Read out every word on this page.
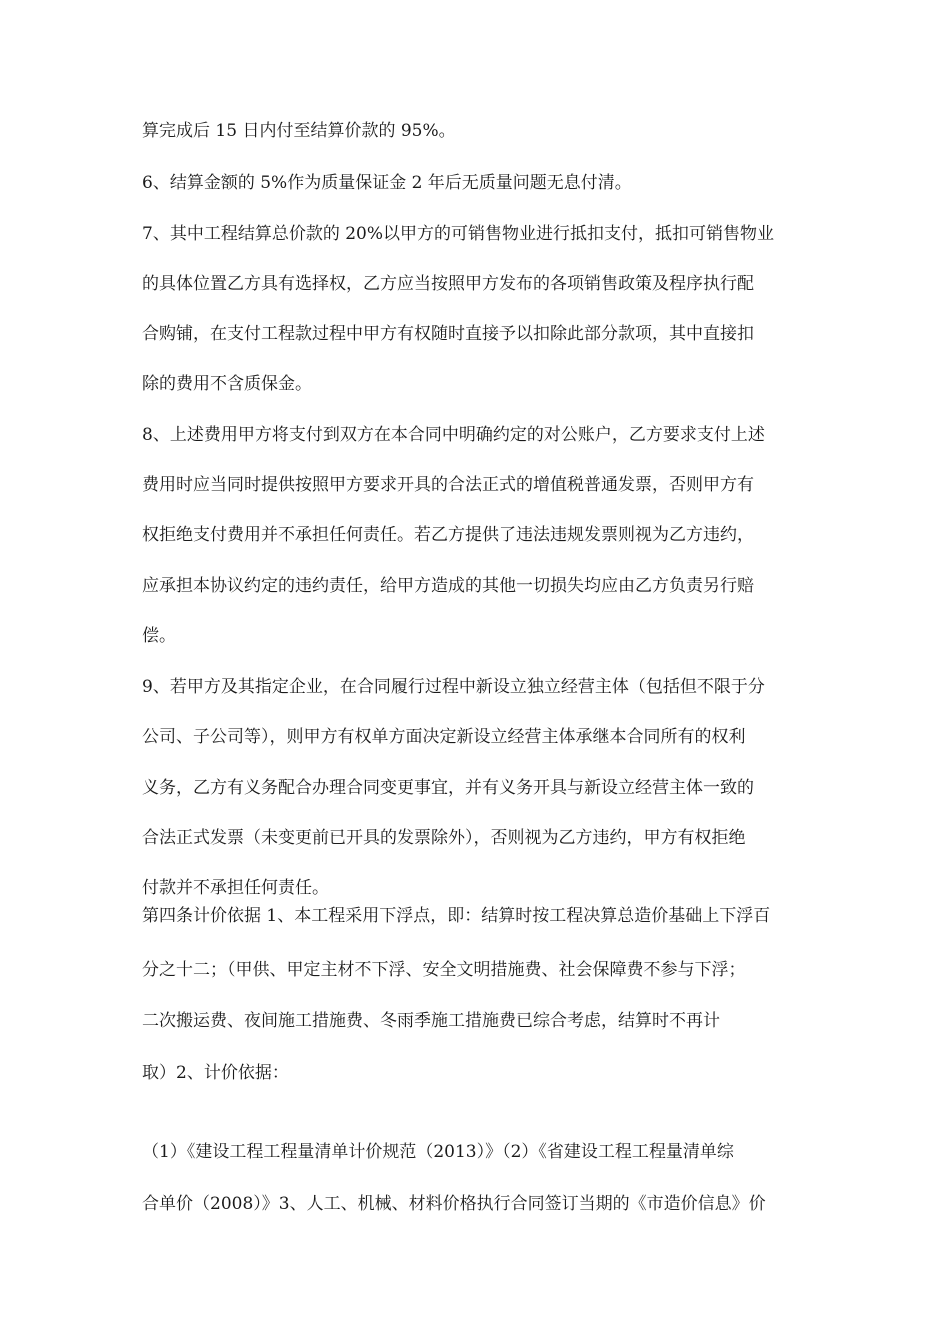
算完成后 15 日内付至结算价款的 95%。
6、结算金额的 5%作为质量保证金 2 年后无质量问题无息付清。
7、其中工程结算总价款的 20%以甲方的可销售物业进行抵扣支付，抵扣可销售物业
的具体位置乙方具有选择权，乙方应当按照甲方发布的各项销售政策及程序执行配
合购铺，在支付工程款过程中甲方有权随时直接予以扣除此部分款项，其中直接扣
除的费用不含质保金。
8、上述费用甲方将支付到双方在本合同中明确约定的对公账户，乙方要求支付上述
费用时应当同时提供按照甲方要求开具的合法正式的增值税普通发票，否则甲方有
权拒绝支付费用并不承担任何责任。若乙方提供了违法违规发票则视为乙方违约，
应承担本协议约定的违约责任，给甲方造成的其他一切损失均应由乙方负责另行赔
偿。
9、若甲方及其指定企业，在合同履行过程中新设立独立经营主体（包括但不限于分
公司、子公司等），则甲方有权单方面决定新设立经营主体承继本合同所有的权利
义务，乙方有义务配合办理合同变更事宜，并有义务开具与新设立经营主体一致的
合法正式发票（未变更前已开具的发票除外），否则视为乙方违约，甲方有权拒绝
付款并不承担任何责任。
第四条计价依据 1、本工程采用下浮点，即：结算时按工程决算总造价基础上下浮百
分之十二；（甲供、甲定主材不下浮、安全文明措施费、社会保障费不参与下浮；
二次搬运费、夜间施工措施费、冬雨季施工措施费已综合考虑，结算时不再计
取）2、计价依据：
（1）《建设工程工程量清单计价规范（2013）》（2）《省建设工程工程量清单综
合单价（2008）》3、人工、机械、材料价格执行合同签订当期的《市造价信息》价
